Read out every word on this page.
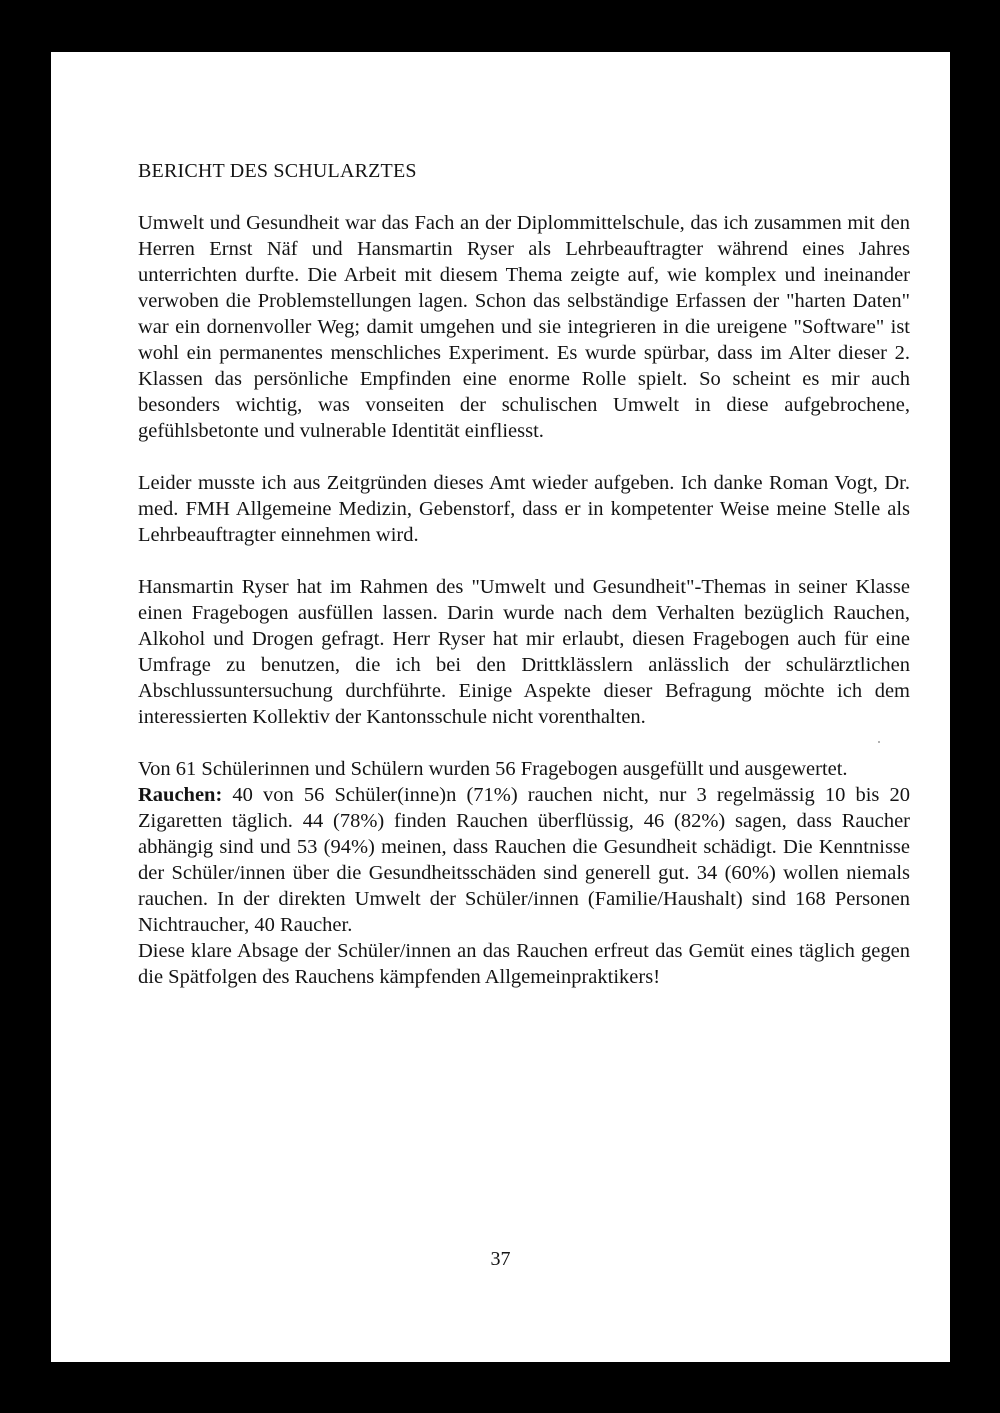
BERICHT DES SCHULARZTES

Umwelt und Gesundheit war das Fach an der Diplommittelschule, das ich zusammen mit den Herren Ernst Näf und Hansmartin Ryser als Lehrbeauftragter während eines Jahres unterrichten durfte. Die Arbeit mit diesem Thema zeigte auf, wie komplex und ineinander verwoben die Problemstellungen lagen. Schon das selbständige Erfassen der "harten Daten" war ein dornenvoller Weg; damit umgehen und sie integrieren in die ureigene "Software" ist wohl ein permanentes menschliches Experiment. Es wurde spürbar, dass im Alter dieser 2. Klassen das persönliche Empfinden eine enorme Rolle spielt. So scheint es mir auch besonders wichtig, was vonseiten der schulischen Umwelt in diese aufgebrochene, gefühlsbetonte und vulnerable Identität einfliesst.

Leider musste ich aus Zeitgründen dieses Amt wieder aufgeben. Ich danke Roman Vogt, Dr. med. FMH Allgemeine Medizin, Gebenstorf, dass er in kompetenter Weise meine Stelle als Lehrbeauftragter einnehmen wird.

Hansmartin Ryser hat im Rahmen des "Umwelt und Gesundheit"-Themas in seiner Klasse einen Fragebogen ausfüllen lassen. Darin wurde nach dem Verhalten bezüglich Rauchen, Alkohol und Drogen gefragt. Herr Ryser hat mir erlaubt, diesen Fragebogen auch für eine Umfrage zu benutzen, die ich bei den Drittklässlern anlässlich der schulärztlichen Abschlussuntersuchung durchführte. Einige Aspekte dieser Befragung möchte ich dem interessierten Kollektiv der Kantonsschule nicht vorenthalten.

Von 61 Schülerinnen und Schülern wurden 56 Fragebogen ausgefüllt und ausgewertet.

Rauchen: 40 von 56 Schüler(inne)n (71%) rauchen nicht, nur 3 regelmässig 10 bis 20 Zigaretten täglich. 44 (78%) finden Rauchen überflüssig, 46 (82%) sagen, dass Raucher abhängig sind und 53 (94%) meinen, dass Rauchen die Gesundheit schädigt. Die Kenntnisse der Schüler/innen über die Gesundheitsschäden sind generell gut. 34 (60%) wollen niemals rauchen. In der direkten Umwelt der Schüler/innen (Familie/Haushalt) sind 168 Personen Nichtraucher, 40 Raucher.

Diese klare Absage der Schüler/innen an das Rauchen erfreut das Gemüt eines täglich gegen die Spätfolgen des Rauchens kämpfenden Allgemeinpraktikers!

37
